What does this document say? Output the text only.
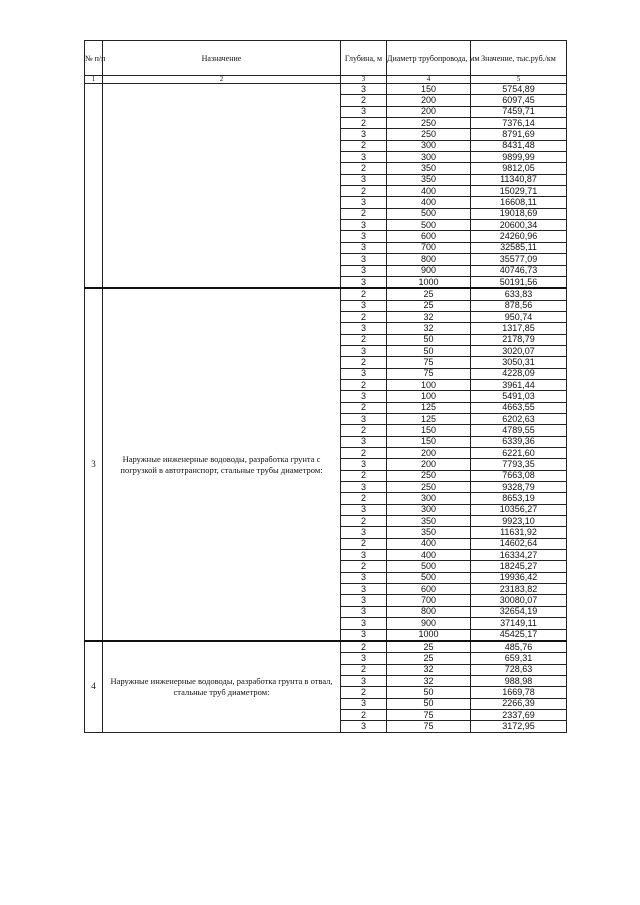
№ п/п	Назначение	Глубина, м	Диаметр трубопровода, мм	Значение, тыс.руб./км
1	2	3	4	5
		3	150	5754,89
		2	200	6097,45
		3	200	7459,71
		2	250	7376,14
		3	250	8791,69
		2	300	8431,48
		3	300	9899,99
		2	350	9812,05
		3	350	11340,87
		2	400	15029,71
		3	400	16608,11
		2	500	19018,69
		3	500	20600,34
		3	600	24260,96
		3	700	32585,11
		3	800	35577,09
		3	900	40746,73
		3	1000	50191,56
3	Наружные инженерные водоводы, разработка грунта с погрузкой в автотранспорт, стальные трубы диаметром:	2	25	633,83
		3	25	878,56
		2	32	950,74
		3	32	1317,85
		2	50	2178,79
		3	50	3020,07
		2	75	3050,31
		3	75	4228,09
		2	100	3961,44
		3	100	5491,03
		2	125	4663,55
		3	125	6202,63
		2	150	4789,55
		3	150	6339,36
		2	200	6221,60
		3	200	7793,35
		2	250	7663,08
		3	250	9328,79
		2	300	8653,19
		3	300	10356,27
		2	350	9923,10
		3	350	11631,92
		2	400	14602,64
		3	400	16334,27
		2	500	18245,27
		3	500	19936,42
		3	600	23183,82
		3	700	30080,07
		3	800	32654,19
		3	900	37149,11
		3	1000	45425,17
4	Наружные инженерные водоводы, разработка грунта в отвал, стальные труб диаметром:	2	25	485,76
		3	25	659,31
		2	32	728,63
		3	32	988,98
		2	50	1669,78
		3	50	2266,39
		2	75	2337,69
		3	75	3172,95
